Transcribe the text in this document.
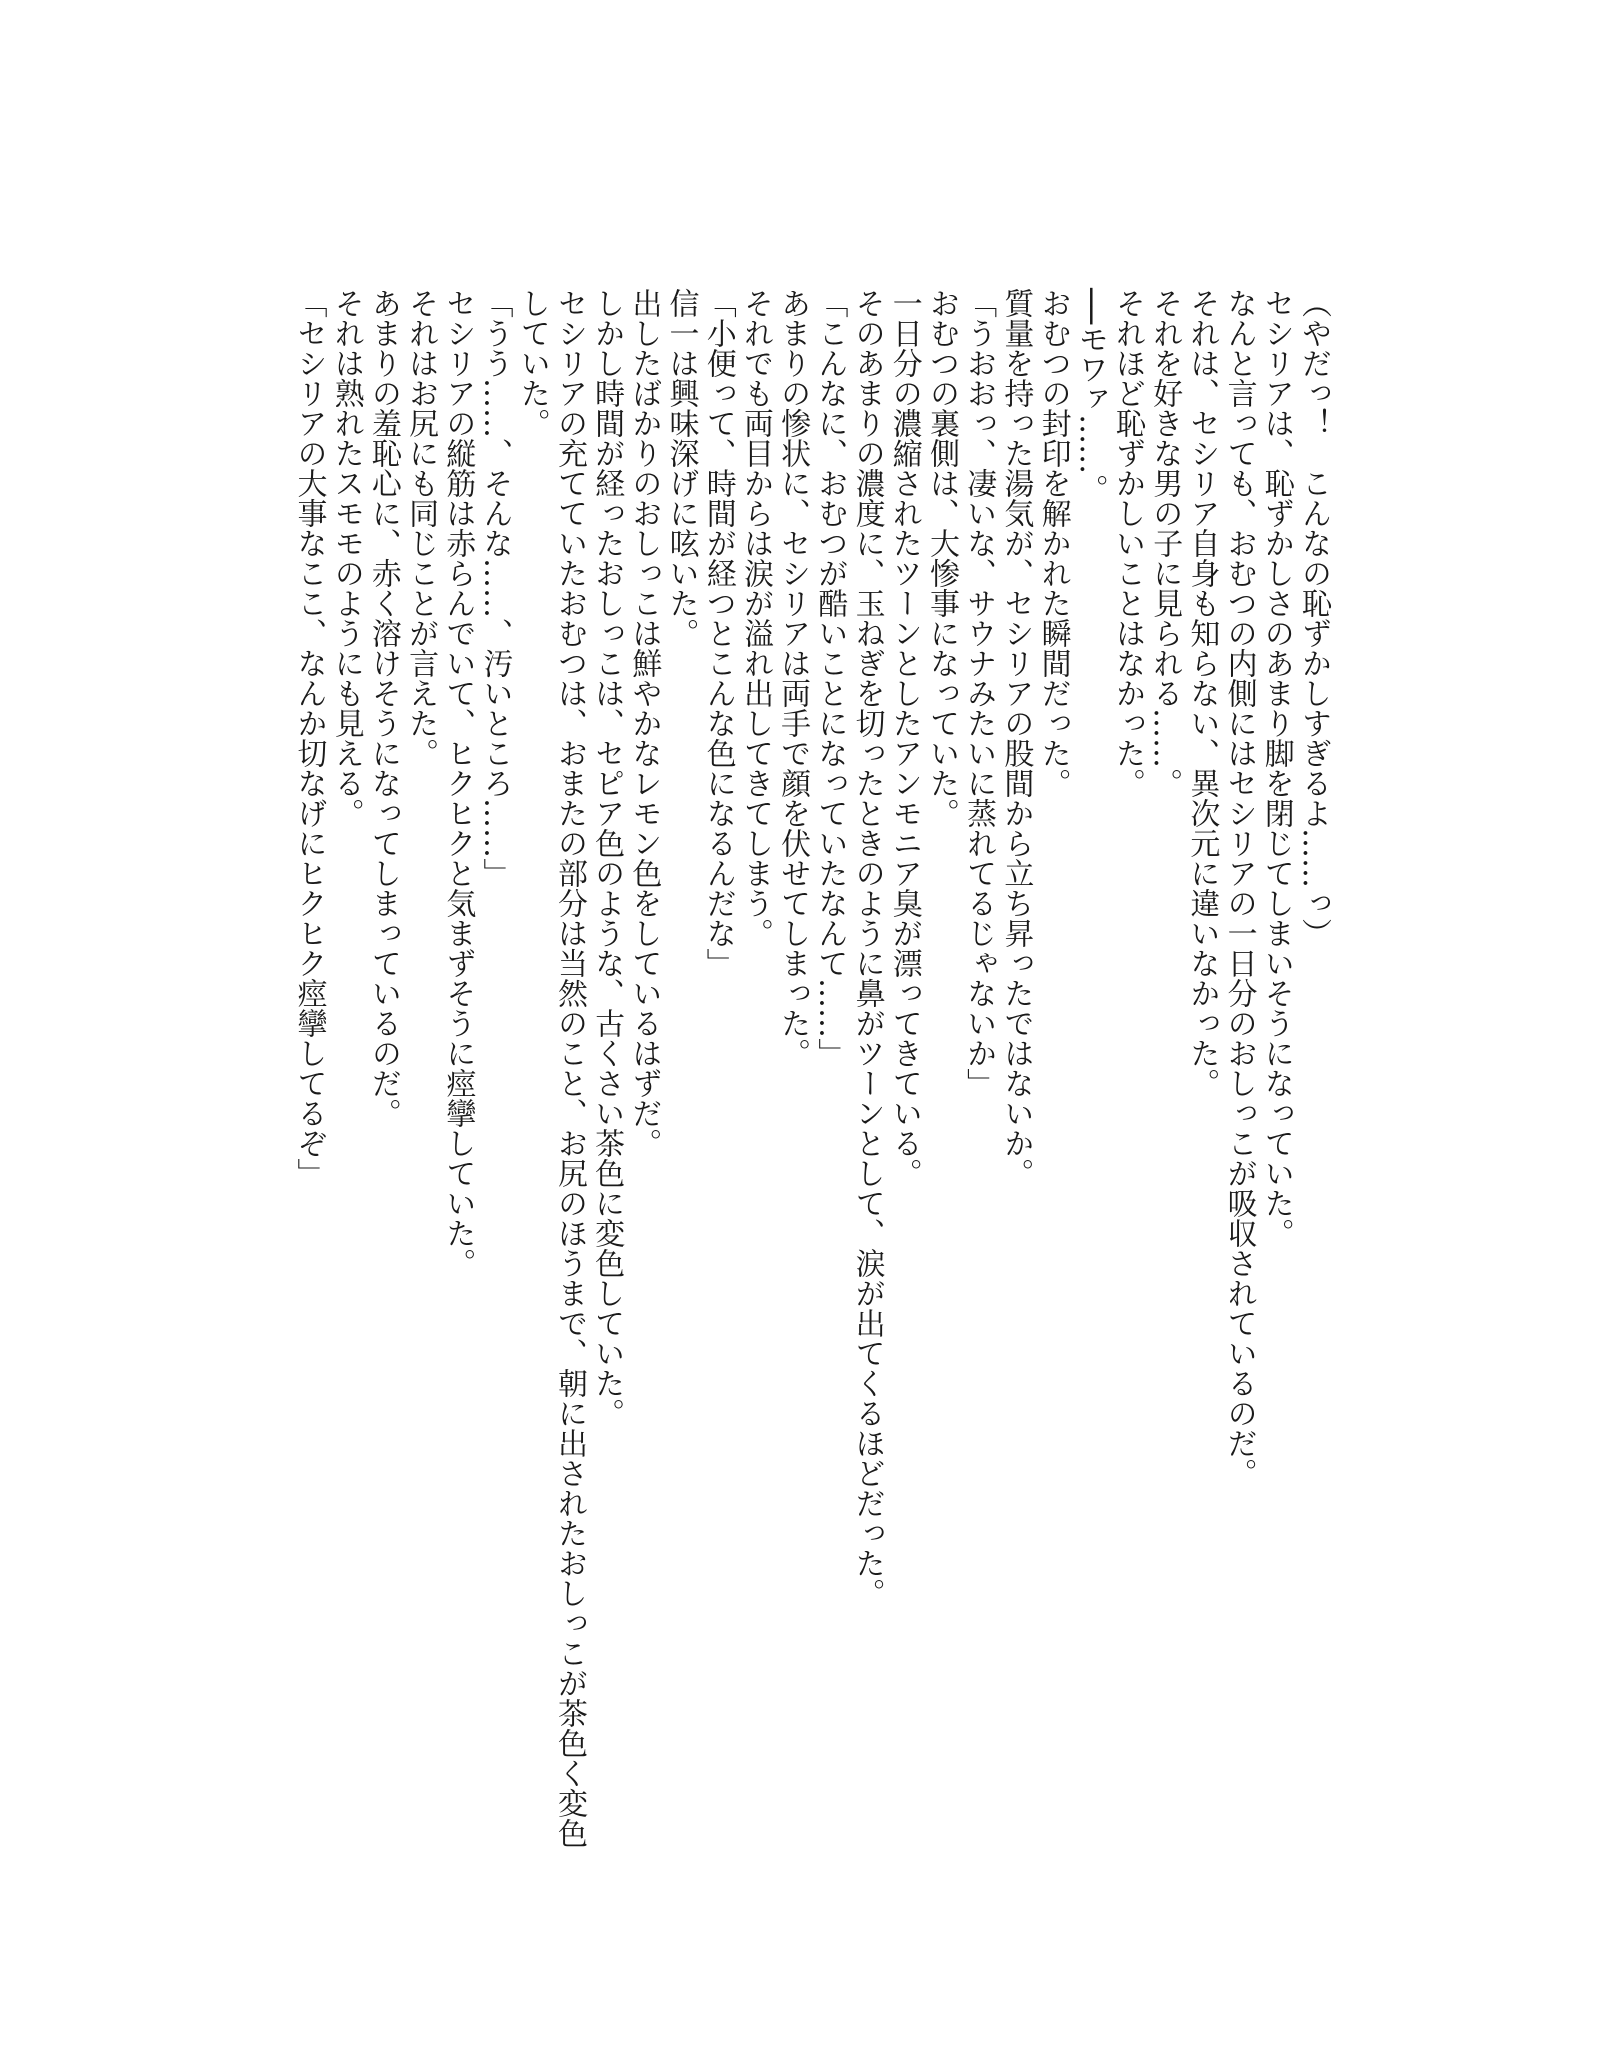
（やだっ！　こんなの恥ずかしすぎるよ……っ）
セシリアは、恥ずかしさのあまり脚を閉じてしまいそうになっていた。
なんと言っても、おむつの内側にはセシリアの一日分のおしっこが吸収されているのだ。
それは、セシリア自身も知らない、異次元に違いなかった。
それを好きな男の子に見られる……。
それほど恥ずかしいことはなかった。
──モワァ……。
おむつの封印を解かれた瞬間だった。
質量を持った湯気が、セシリアの股間から立ち昇ったではないか。
「うおおっ、凄いな、サウナみたいに蒸れてるじゃないか」
おむつの裏側は、大惨事になっていた。
一日分の濃縮されたツーンとしたアンモニア臭が漂ってきている。
そのあまりの濃度に、玉ねぎを切ったときのように鼻がツーンとして、涙が出てくるほどだった。
「こんなに、おむつが酷いことになっていたなんて……」
あまりの惨状に、セシリアは両手で顔を伏せてしまった。
それでも両目からは涙が溢れ出してきてしまう。
「小便って、時間が経つとこんな色になるんだな」
信一は興味深げに呟いた。
出したばかりのおしっこは鮮やかなレモン色をしているはずだ。
しかし時間が経ったおしっこは、セピア色のような、古くさい茶色に変色していた。
セシリアの充てていたおむつは、おまたの部分は当然のこと、お尻のほうまで、朝に出されたおしっこが茶色く変色していた。
「うう……、そんな……、汚いところ……」
セシリアの縦筋は赤らんでいて、ヒクヒクと気まずそうに痙攣していた。
それはお尻にも同じことが言えた。
あまりの羞恥心に、赤く溶けそうになってしまっているのだ。
それは熟れたスモモのようにも見える。
「セシリアの大事なここ、なんか切なげにヒクヒク痙攣してるぞ」
